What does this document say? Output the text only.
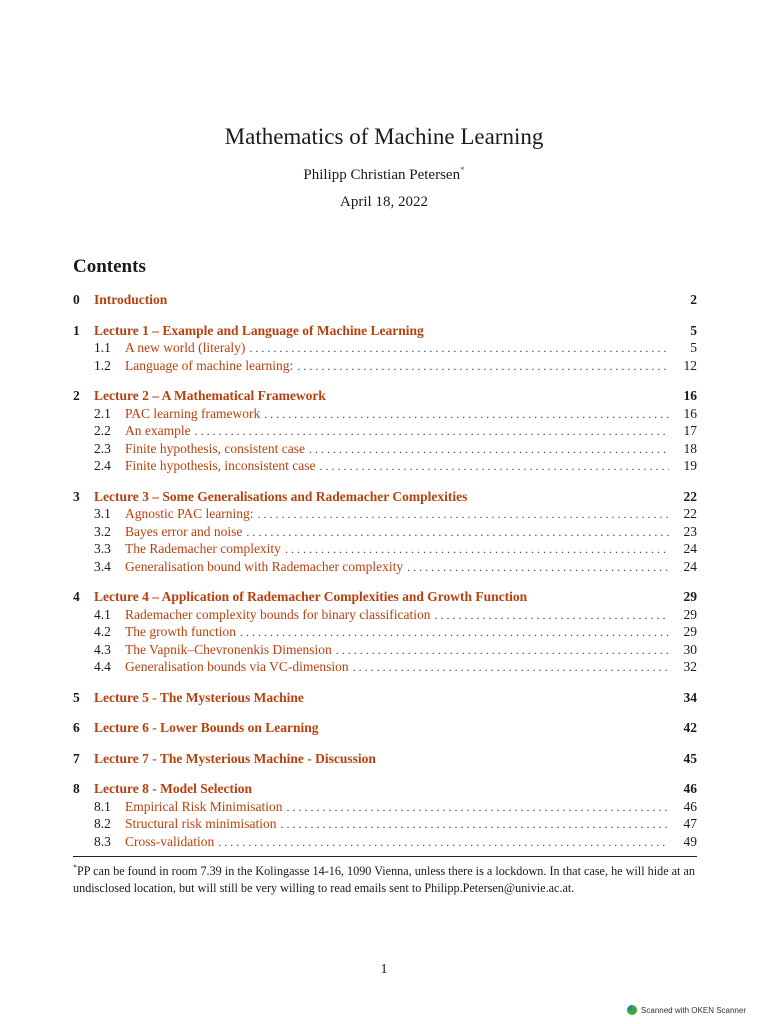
Mathematics of Machine Learning
Philipp Christian Petersen*
April 18, 2022
Contents
0	Introduction	2
1	Lecture 1 – Example and Language of Machine Learning	5
1.1	A new world (literaly) . . .	5
1.2	Language of machine learning: . . .	12
2	Lecture 2 – A Mathematical Framework	16
2.1	PAC learning framework . . .	16
2.2	An example . . .	17
2.3	Finite hypothesis, consistent case . . .	18
2.4	Finite hypothesis, inconsistent case . . .	19
3	Lecture 3 – Some Generalisations and Rademacher Complexities	22
3.1	Agnostic PAC learning: . . .	22
3.2	Bayes error and noise . . .	23
3.3	The Rademacher complexity . . .	24
3.4	Generalisation bound with Rademacher complexity . . .	24
4	Lecture 4 – Application of Rademacher Complexities and Growth Function	29
4.1	Rademacher complexity bounds for binary classification . . .	29
4.2	The growth function . . .	29
4.3	The Vapnik–Chevronenkis Dimension . . .	30
4.4	Generalisation bounds via VC-dimension . . .	32
5	Lecture 5 - The Mysterious Machine	34
6	Lecture 6 - Lower Bounds on Learning	42
7	Lecture 7 - The Mysterious Machine - Discussion	45
8	Lecture 8 - Model Selection	46
8.1	Empirical Risk Minimisation . . .	46
8.2	Structural risk minimisation . . .	47
8.3	Cross-validation . . .	49
*PP can be found in room 7.39 in the Kolingasse 14-16, 1090 Vienna, unless there is a lockdown. In that case, he will hide at an undisclosed location, but will still be very willing to read emails sent to Philipp.Petersen@univie.ac.at.
1
Scanned with OKEN Scanner
